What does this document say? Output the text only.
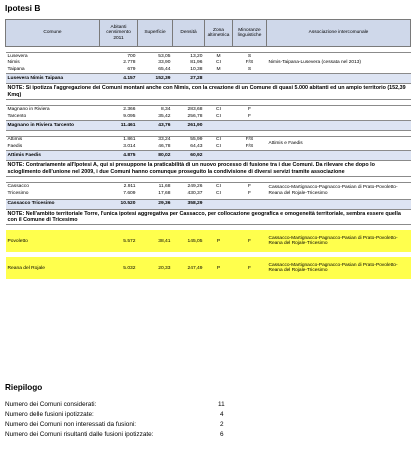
Ipotesi B
Comune	Abitanti censimento 2011	Superficie	Densità	Zona altimetrica	Minoranze linguistiche	Associazione intercomunale

Lusevera	700	53,05	13,20	M	S	Nimis-Taipana-Lusevera (cessata nel 2013)
Nimis	2.778	33,90	81,96	CI	F/S	
Taipana	679	65,44	10,38	M	S	
Lusevera Nimis Taipana	4.157	152,39	27,28			
NOTE: Si ipotizza l'aggregazione dei Comuni montani anche con Nimis, con la creazione di un Comune di quasi 5.000 abitanti ed un ampio territorio (152,39 Kmq)						

Magnano in Riviera	2.366	8,34	283,68	CI	F	
Tarcento	9.095	35,42	256,78	CI	F	
Magnano in Riviera Tarcento	11.461	43,76	261,90			

Attimis	1.861	33,24	55,99	CI	F/S	Attimis e Faedis
Faedis	3.014	46,78	64,43	CI	F/S	
Attimis Faedis	4.875	80,02	60,92			
NOTE: Contrariamente all'Ipotesi A, qui si presuppone la praticabilità di un nuovo processo di fusione tra i due Comuni. Da rilevare che dopo lo scioglimento dell'unione nel 2009, i due Comuni hanno comunque proseguito la condivisione di diversi servizi tramite associazione						

Cassacco	2.911	11,68	249,26	CI	F	Cassacco-Martignacco-Pagnacco-Pasian di Prato-Povoletto-Reana del Rojale-Tricesimo
Tricesimo	7.609	17,68	430,37	CI	F	
Cassacco Tricesimo	10.520	29,36	358,29			
NOTE: Nell'ambito territoriale Torre, l'unica ipotesi aggregativa per Cassacco, per collocazione geografica e omogeneità territoriale, sembra essere quella con il Comune di Tricesimo						

Povoletto	5.572	38,41	145,05	P	F	Cassacco-Martignacco-Pagnacco-Pasian di Prato-Povoletto-Reana del Rojale-Tricesimo

Reana del Rojale	5.032	20,33	247,49	P	F	Cassacco-Martignacco-Pagnacco-Pasian di Prato-Povoletto-Reana del Rojale-Tricesimo
Riepilogo
Numero dei Comuni considerati:	11
Numero delle fusioni ipotizzate:	4
Numero dei Comuni non interessati da fusioni:	2
Numero dei Comuni risultanti dalle fusioni ipotizzate:	6
